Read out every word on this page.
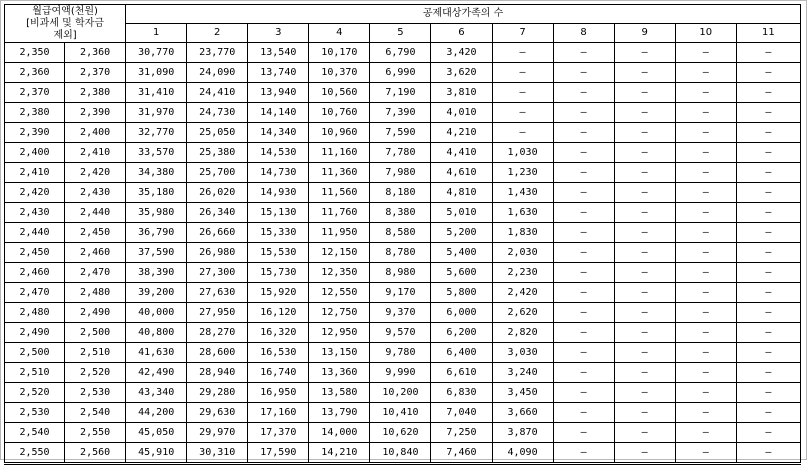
월급여액(천원)
[비과세 및 학자금
제외]		공제대상가족의 수										
		1	2	3	4	5	6	7	8	9	10	11
2,350	2,360	30,770	23,770	13,540	10,170	6,790	3,420	–	–	–	–	–
2,360	2,370	31,090	24,090	13,740	10,370	6,990	3,620	–	–	–	–	–
2,370	2,380	31,410	24,410	13,940	10,560	7,190	3,810	–	–	–	–	–
2,380	2,390	31,970	24,730	14,140	10,760	7,390	4,010	–	–	–	–	–
2,390	2,400	32,770	25,050	14,340	10,960	7,590	4,210	–	–	–	–	–
2,400	2,410	33,570	25,380	14,530	11,160	7,780	4,410	1,030	–	–	–	–
2,410	2,420	34,380	25,700	14,730	11,360	7,980	4,610	1,230	–	–	–	–
2,420	2,430	35,180	26,020	14,930	11,560	8,180	4,810	1,430	–	–	–	–
2,430	2,440	35,980	26,340	15,130	11,760	8,380	5,010	1,630	–	–	–	–
2,440	2,450	36,790	26,660	15,330	11,950	8,580	5,200	1,830	–	–	–	–
2,450	2,460	37,590	26,980	15,530	12,150	8,780	5,400	2,030	–	–	–	–
2,460	2,470	38,390	27,300	15,730	12,350	8,980	5,600	2,230	–	–	–	–
2,470	2,480	39,200	27,630	15,920	12,550	9,170	5,800	2,420	–	–	–	–
2,480	2,490	40,000	27,950	16,120	12,750	9,370	6,000	2,620	–	–	–	–
2,490	2,500	40,800	28,270	16,320	12,950	9,570	6,200	2,820	–	–	–	–
2,500	2,510	41,630	28,600	16,530	13,150	9,780	6,400	3,030	–	–	–	–
2,510	2,520	42,490	28,940	16,740	13,360	9,990	6,610	3,240	–	–	–	–
2,520	2,530	43,340	29,280	16,950	13,580	10,200	6,830	3,450	–	–	–	–
2,530	2,540	44,200	29,630	17,160	13,790	10,410	7,040	3,660	–	–	–	–
2,540	2,550	45,050	29,970	17,370	14,000	10,620	7,250	3,870	–	–	–	–
2,550	2,560	45,910	30,310	17,590	14,210	10,840	7,460	4,090	–	–	–	–
